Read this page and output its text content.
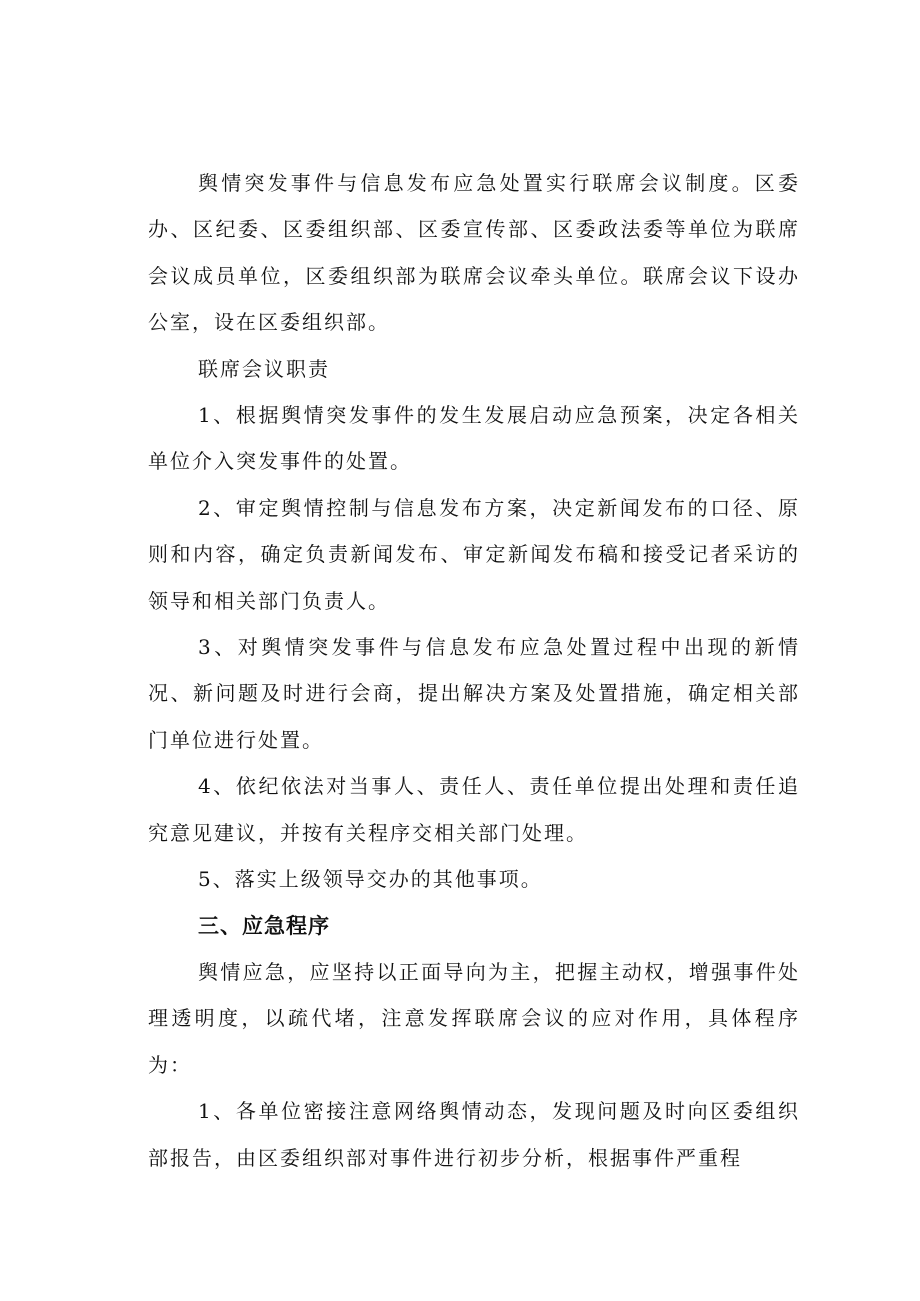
舆情突发事件与信息发布应急处置实行联席会议制度。区委办、区纪委、区委组织部、区委宣传部、区委政法委等单位为联席会议成员单位，区委组织部为联席会议牵头单位。联席会议下设办公室，设在区委组织部。

联席会议职责

1、根据舆情突发事件的发生发展启动应急预案，决定各相关单位介入突发事件的处置。

2、审定舆情控制与信息发布方案，决定新闻发布的口径、原则和内容，确定负责新闻发布、审定新闻发布稿和接受记者采访的领导和相关部门负责人。

3、对舆情突发事件与信息发布应急处置过程中出现的新情况、新问题及时进行会商，提出解决方案及处置措施，确定相关部门单位进行处置。

4、依纪依法对当事人、责任人、责任单位提出处理和责任追究意见建议，并按有关程序交相关部门处理。

5、落实上级领导交办的其他事项。

三、应急程序

舆情应急，应坚持以正面导向为主，把握主动权，增强事件处理透明度，以疏代堵，注意发挥联席会议的应对作用，具体程序为：

1、各单位密接注意网络舆情动态，发现问题及时向区委组织部报告，由区委组织部对事件进行初步分析，根据事件严重程
